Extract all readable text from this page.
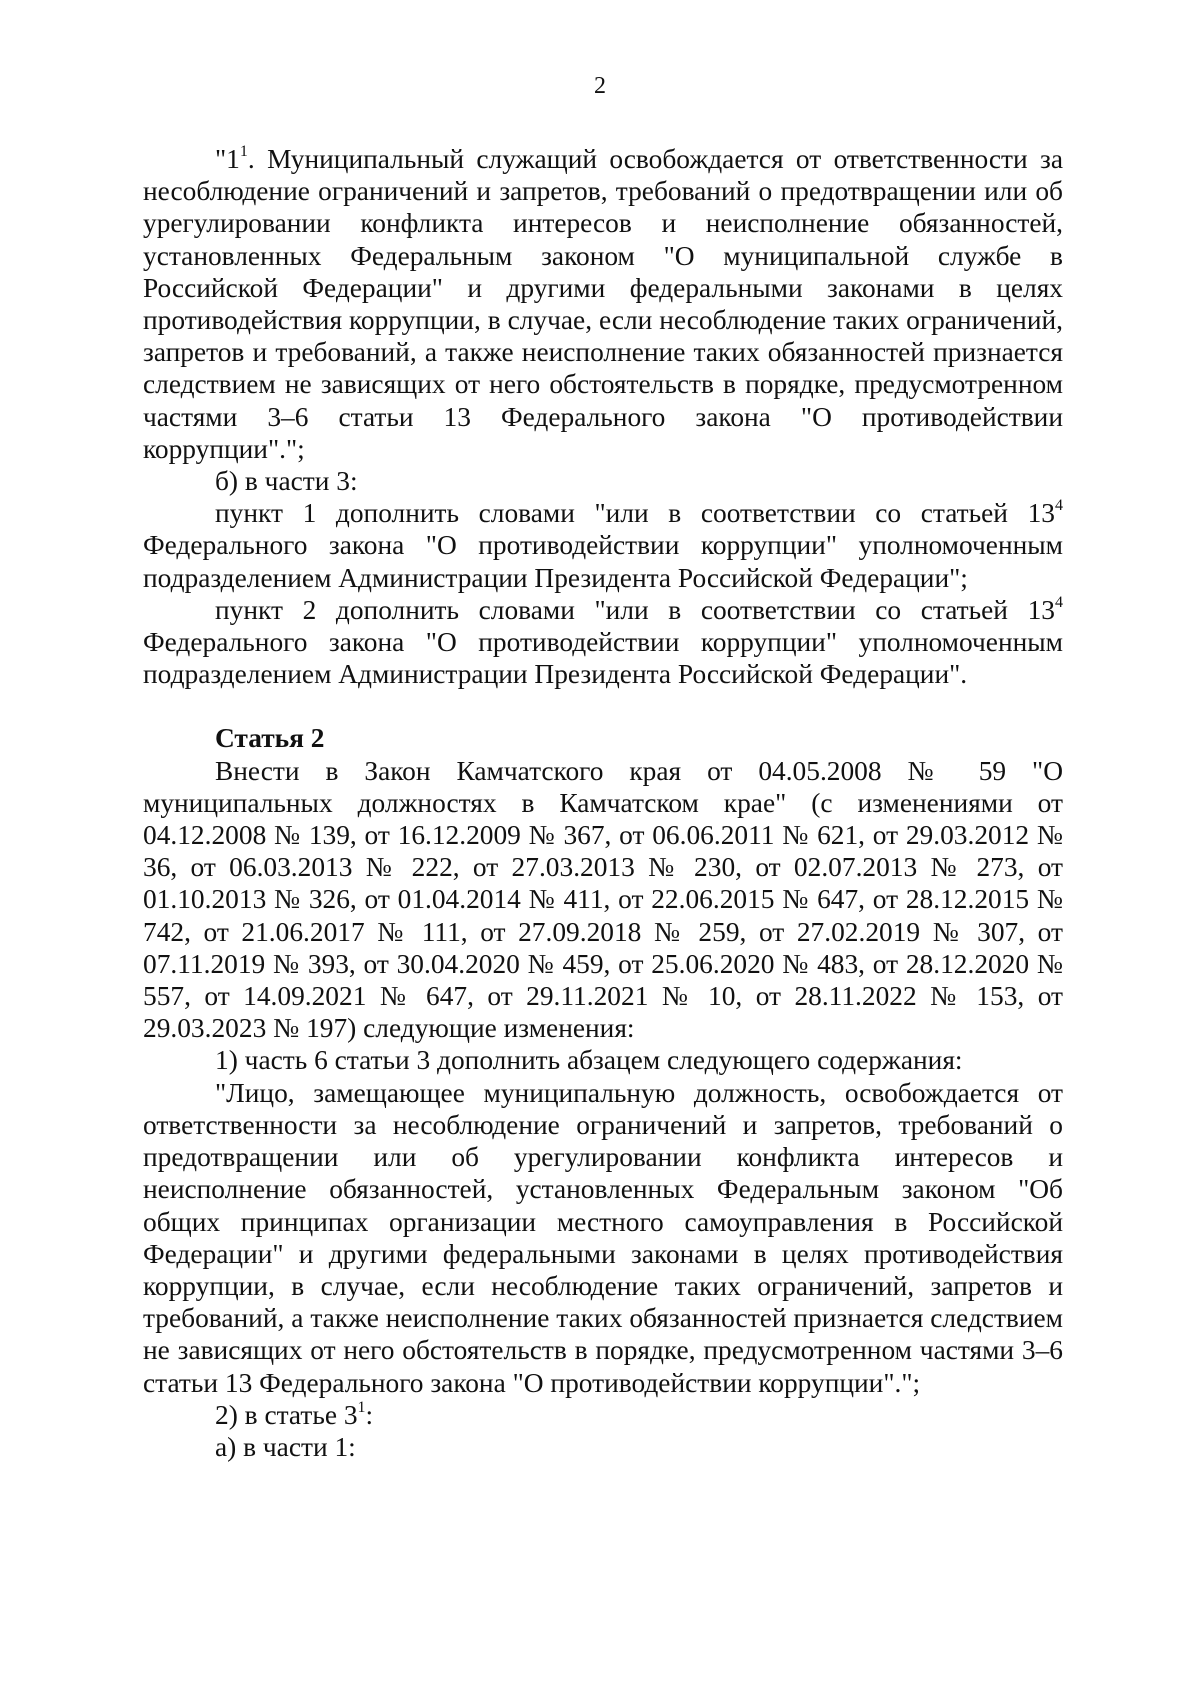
2

"$1^1$. Муниципальный служащий освобождается от ответственности за несоблюдение ограничений и запретов, требований о предотвращении или об урегулировании конфликта интересов и неисполнение обязанностей, установленных Федеральным законом "О муниципальной службе в Российской Федерации" и другими федеральными законами в целях противодействия коррупции, в случае, если несоблюдение таких ограничений, запретов и требований, а также неисполнение таких обязанностей признается следствием не зависящих от него обстоятельств в порядке, предусмотренном частями 3–6 статьи 13 Федерального закона "О противодействии коррупции".";

б) в части 3:

пункт 1 дополнить словами "или в соответствии со статьей $13^4$ Федерального закона "О противодействии коррупции" уполномоченным подразделением Администрации Президента Российской Федерации";

пункт 2 дополнить словами "или в соответствии со статьей $13^4$ Федерального закона "О противодействии коррупции" уполномоченным подразделением Администрации Президента Российской Федерации".

Статья 2

Внести в Закон Камчатского края от 04.05.2008 № 59 "О муниципальных должностях в Камчатском крае" (с изменениями от 04.12.2008 № 139, от 16.12.2009 № 367, от 06.06.2011 № 621, от 29.03.2012 № 36, от 06.03.2013 № 222, от 27.03.2013 № 230, от 02.07.2013 № 273, от 01.10.2013 № 326, от 01.04.2014 № 411, от 22.06.2015 № 647, от 28.12.2015 № 742, от 21.06.2017 № 111, от 27.09.2018 № 259, от 27.02.2019 № 307, от 07.11.2019 № 393, от 30.04.2020 № 459, от 25.06.2020 № 483, от 28.12.2020 № 557, от 14.09.2021 № 647, от 29.11.2021 № 10, от 28.11.2022 № 153, от 29.03.2023 № 197) следующие изменения:

1) часть 6 статьи 3 дополнить абзацем следующего содержания:

"Лицо, замещающее муниципальную должность, освобождается от ответственности за несоблюдение ограничений и запретов, требований о предотвращении или об урегулировании конфликта интересов и неисполнение обязанностей, установленных Федеральным законом "Об общих принципах организации местного самоуправления в Российской Федерации" и другими федеральными законами в целях противодействия коррупции, в случае, если несоблюдение таких ограничений, запретов и требований, а также неисполнение таких обязанностей признается следствием не зависящих от него обстоятельств в порядке, предусмотренном частями 3–6 статьи 13 Федерального закона "О противодействии коррупции".";

2) в статье $3^1$:

а) в части 1:
